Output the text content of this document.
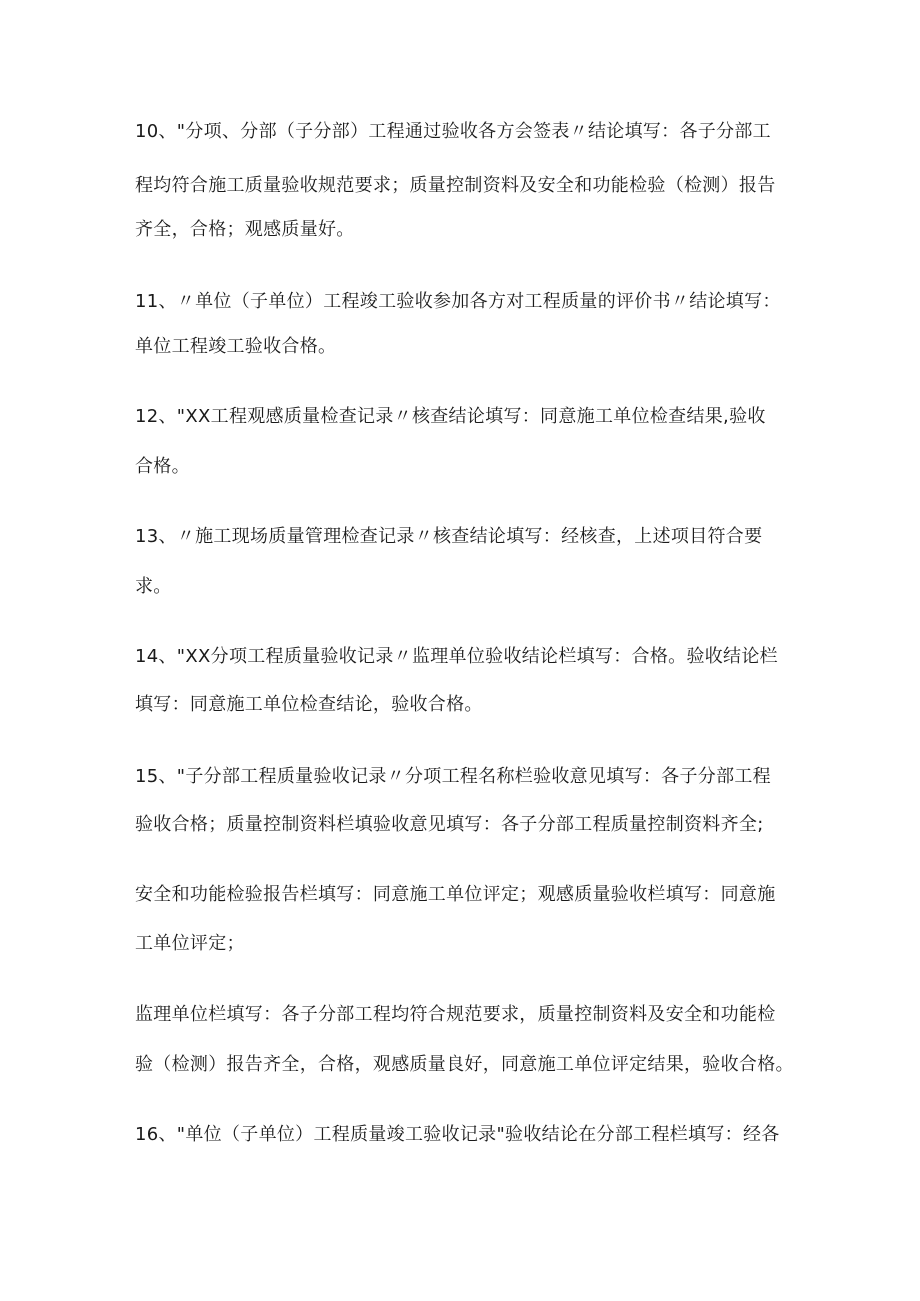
10、"分项、分部（子分部）工程通过验收各方会签表〃结论填写：各子分部工
程均符合施工质量验收规范要求；质量控制资料及安全和功能检验（检测）报告
齐全，合格；观感质量好。
11、〃单位（子单位）工程竣工验收参加各方对工程质量的评价书〃结论填写：
单位工程竣工验收合格。
12、"XX工程观感质量检查记录〃核查结论填写：同意施工单位检查结果,验收
合格。
13、〃施工现场质量管理检查记录〃核查结论填写：经核查，上述项目符合要
求。
14、"XX分项工程质量验收记录〃监理单位验收结论栏填写：合格。验收结论栏
填写：同意施工单位检查结论，验收合格。
15、"子分部工程质量验收记录〃分项工程名称栏验收意见填写：各子分部工程
验收合格；质量控制资料栏填验收意见填写：各子分部工程质量控制资料齐全;
安全和功能检验报告栏填写：同意施工单位评定；观感质量验收栏填写：同意施
工单位评定；
监理单位栏填写：各子分部工程均符合规范要求，质量控制资料及安全和功能检
验（检测）报告齐全，合格，观感质量良好，同意施工单位评定结果，验收合格。
16、"单位（子单位）工程质量竣工验收记录"验收结论在分部工程栏填写：经各
